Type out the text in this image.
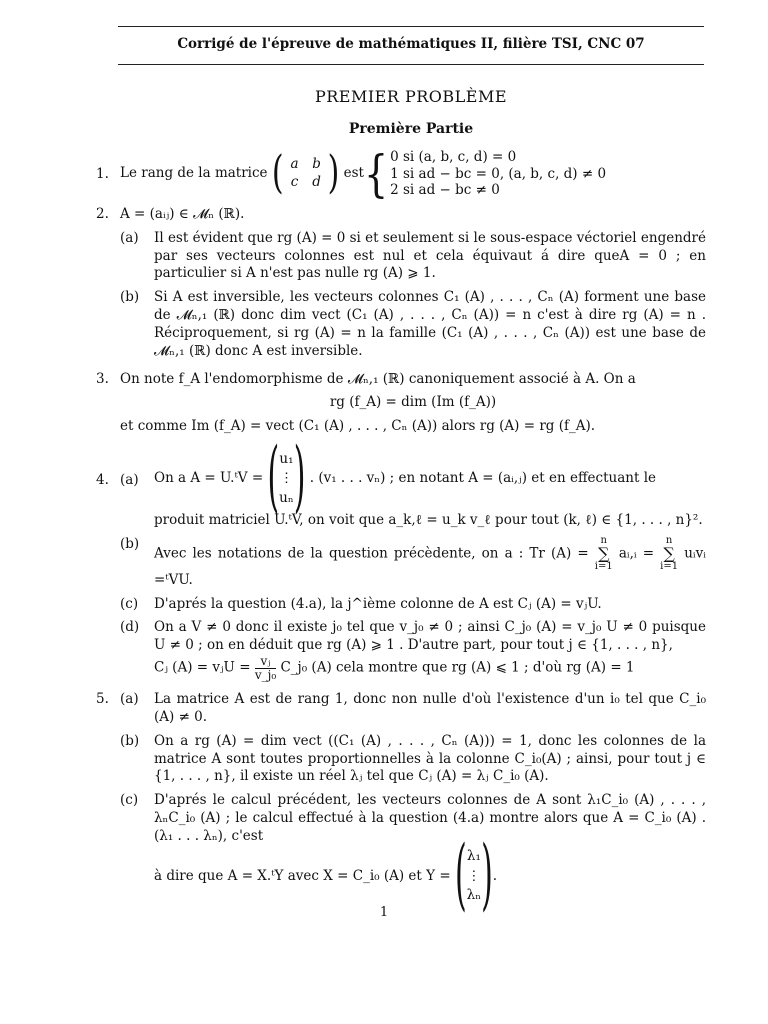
Corrigé de l'épreuve de mathématiques II, filière TSI, CNC 07
PREMIER PROBLÈME
Première Partie
1. Le rang de la matrice
( a	b
c	d )
est { 0 si (a, b, c, d) = 0
1 si ad − bc = 0, (a, b, c, d) ≠ 0
2 si ad − bc ≠ 0
2. A = (aᵢⱼ) ∈ 𝓜ₙ (ℝ).
(a) Il est évident que rg (A) = 0 si et seulement si le sous-espace véctoriel engendré par ses vecteurs colonnes est nul et cela équivaut á dire queA = 0 ; en particulier si A n'est pas nulle rg (A) ⩾ 1.
(b) Si A est inversible, les vecteurs colonnes C₁ (A) , . . . , Cₙ (A) forment une base de 𝓜ₙ,₁ (ℝ) donc dim vect (C₁ (A) , . . . , Cₙ (A)) = n c'est à dire rg (A) = n . Réciproquement, si rg (A) = n la famille (C₁ (A) , . . . , Cₙ (A)) est une base de 𝓜ₙ,₁ (ℝ) donc A est inversible.
3. On note f_A l'endomorphisme de 𝓜ₙ,₁ (ℝ) canoniquement associé à A. On a
rg (f_A) = dim (Im (f_A))
et comme Im (f_A) = vect (C₁ (A) , . . . , Cₙ (A)) alors rg (A) = rg (f_A).
4. (a) On a A = U.ᵗV =
( u₁
⋮
uₙ )
. (v₁ . . . vₙ) ; en notant A = (aᵢ,ⱼ) et en effectuant le
produit matriciel U.ᵗV, on voit que a_k,ℓ = u_k v_ℓ pour tout (k, ℓ) ∈ {1, . . . , n}².
(b)
Avec les notations de la question précèdente, on a : Tr (A) =
n
∑
i=1
aᵢ,ᵢ =
n
∑
i=1
uᵢvᵢ =ᵗVU.
(c) D'aprés la question (4.a), la j^ième colonne de A est Cⱼ (A) = vⱼU.
(d) On a V ≠ 0 donc il existe j₀ tel que v_j₀ ≠ 0 ; ainsi C_j₀ (A) = v_j₀ U ≠ 0 puisque U ≠ 0 ; on en déduit que rg (A) ⩾ 1 . D'autre part, pour tout j ∈ {1, . . . , n},
Cⱼ (A) = vⱼU = $\frac{\text{vⱼ}}{\text{v\_j₀}}$ C_j₀ (A) cela montre que rg (A) ⩽ 1 ; d'où rg (A) = 1
5. (a) La matrice A est de rang 1, donc non nulle d'où l'existence d'un i₀ tel que C_i₀ (A) ≠ 0.
(b) On a rg (A) = dim vect ((C₁ (A) , . . . , Cₙ (A))) = 1, donc les colonnes de la matrice A sont toutes proportionnelles à la colonne C_i₀(A) ; ainsi, pour tout j ∈ {1, . . . , n}, il existe un réel λⱼ tel que Cⱼ (A) = λⱼ C_i₀ (A).
(c) D'aprés le calcul précédent, les vecteurs colonnes de A sont λ₁C_i₀ (A) , . . . , λₙC_i₀ (A) ; le calcul effectué à la question (4.a) montre alors que A = C_i₀ (A) . (λ₁ . . . λₙ), c'est
à dire que A = X.ᵗY avec X = C_i₀ (A) et Y =
( λ₁
⋮
λₙ ) .
1
